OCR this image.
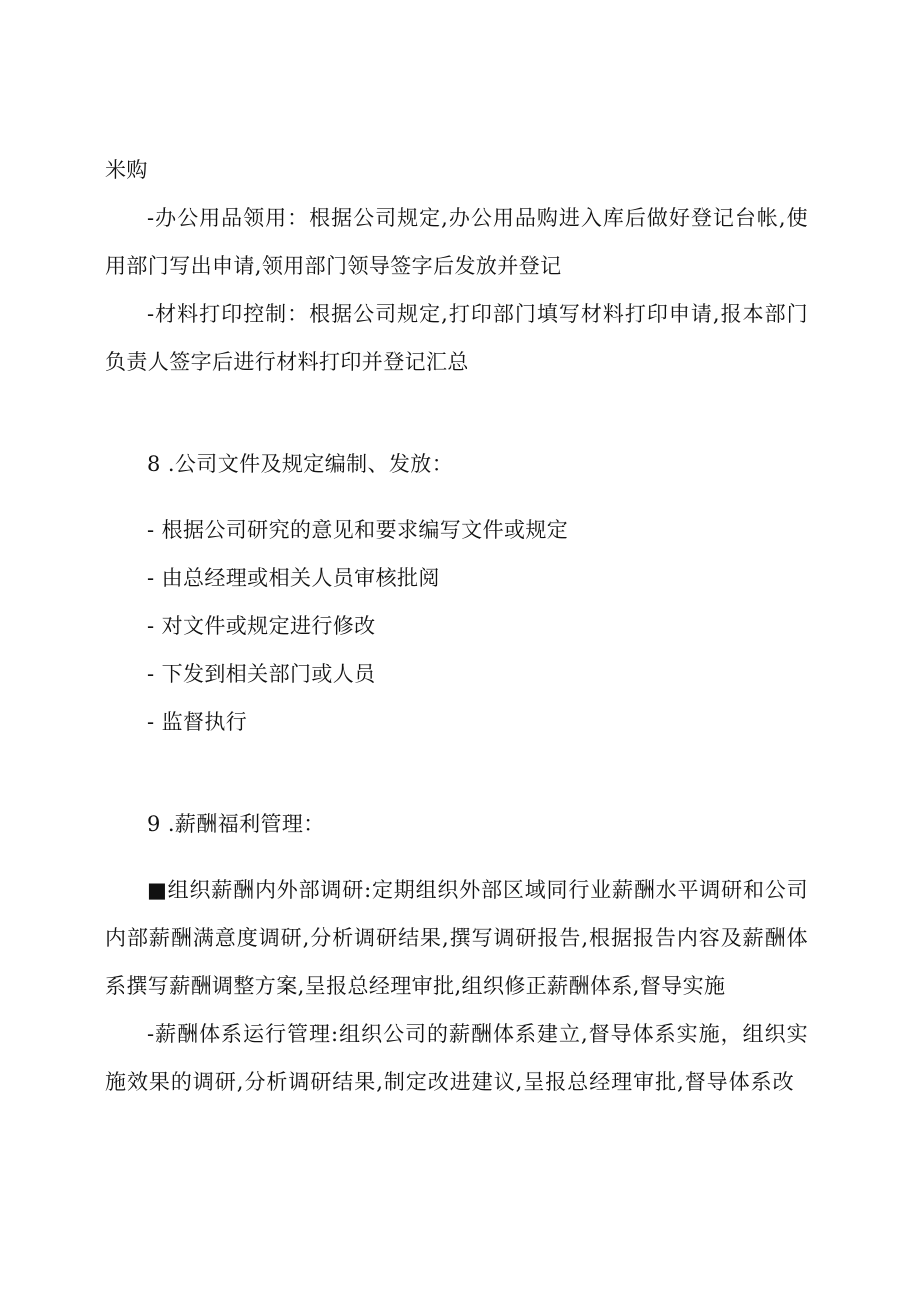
米购
-办公用品领用：根据公司规定,办公用品购进入库后做好登记台帐,使
用部门写出申请,领用部门领导签字后发放并登记
-材料打印控制：根据公司规定,打印部门填写材料打印申请,报本部门
负责人签字后进行材料打印并登记汇总
8 .公司文件及规定编制、发放：
- 根据公司研究的意见和要求编写文件或规定
- 由总经理或相关人员审核批阅
- 对文件或规定进行修改
- 下发到相关部门或人员
- 监督执行
9 .薪酬福利管理：
■组织薪酬内外部调研:定期组织外部区域同行业薪酬水平调研和公司
内部薪酬满意度调研,分析调研结果,撰写调研报告,根据报告内容及薪酬体
系撰写薪酬调整方案,呈报总经理审批,组织修正薪酬体系,督导实施
-薪酬体系运行管理:组织公司的薪酬体系建立,督导体系实施，组织实
施效果的调研,分析调研结果,制定改进建议,呈报总经理审批,督导体系改
